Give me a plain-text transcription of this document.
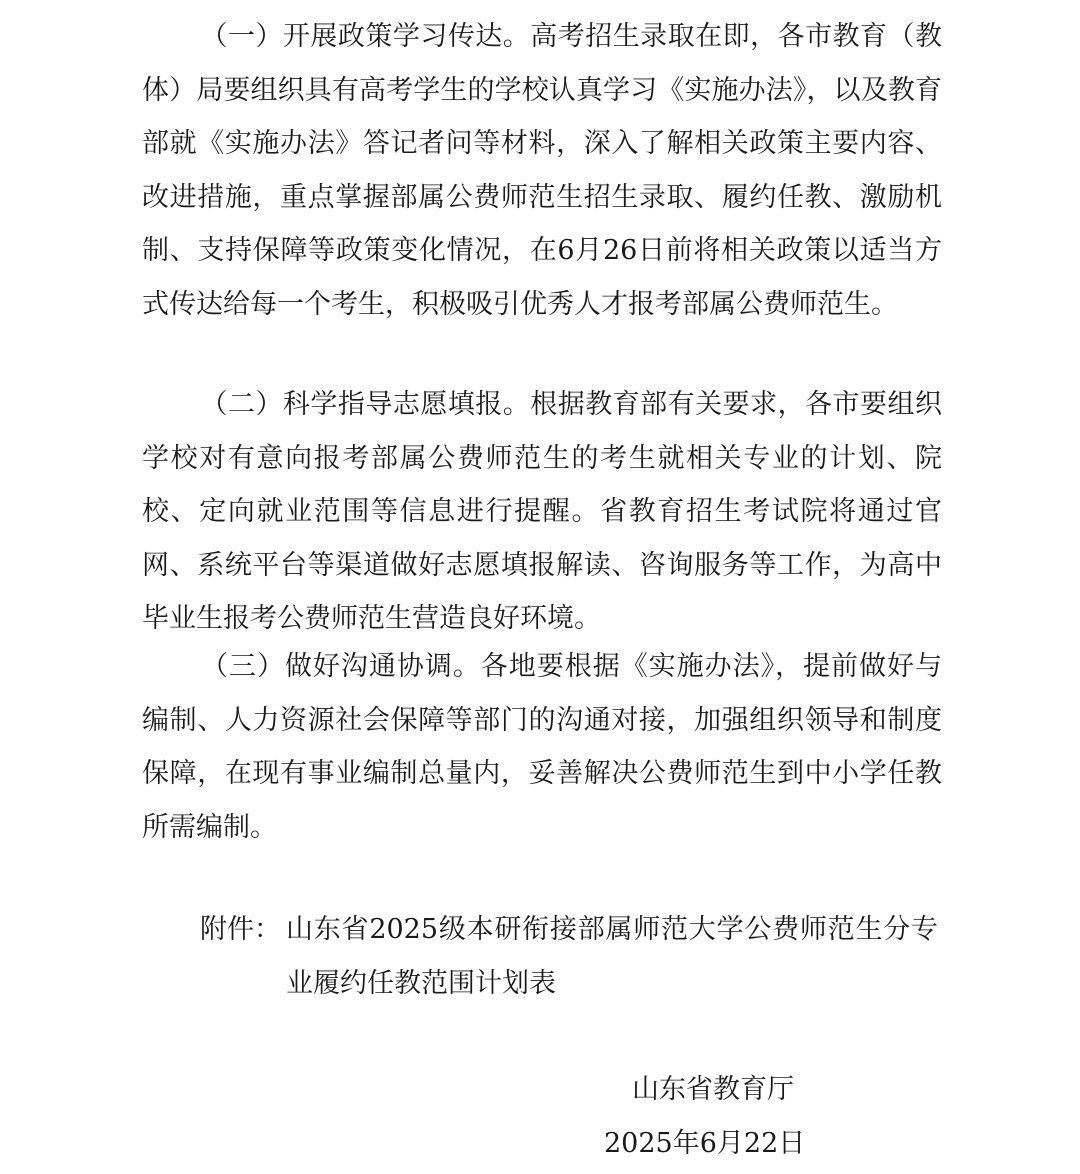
（一）开展政策学习传达。高考招生录取在即，各市教育（教体）局要组织具有高考学生的学校认真学习《实施办法》，以及教育部就《实施办法》答记者问等材料，深入了解相关政策主要内容、改进措施，重点掌握部属公费师范生招生录取、履约任教、激励机制、支持保障等政策变化情况，在6月26日前将相关政策以适当方式传达给每一个考生，积极吸引优秀人才报考部属公费师范生。

（二）科学指导志愿填报。根据教育部有关要求，各市要组织学校对有意向报考部属公费师范生的考生就相关专业的计划、院校、定向就业范围等信息进行提醒。省教育招生考试院将通过官网、系统平台等渠道做好志愿填报解读、咨询服务等工作，为高中毕业生报考公费师范生营造良好环境。

（三）做好沟通协调。各地要根据《实施办法》，提前做好与编制、人力资源社会保障等部门的沟通对接，加强组织领导和制度保障，在现有事业编制总量内，妥善解决公费师范生到中小学任教所需编制。

附件： 山东省2025级本研衔接部属师范大学公费师范生分专业履约任教范围计划表

山东省教育厅

2025年6月22日
